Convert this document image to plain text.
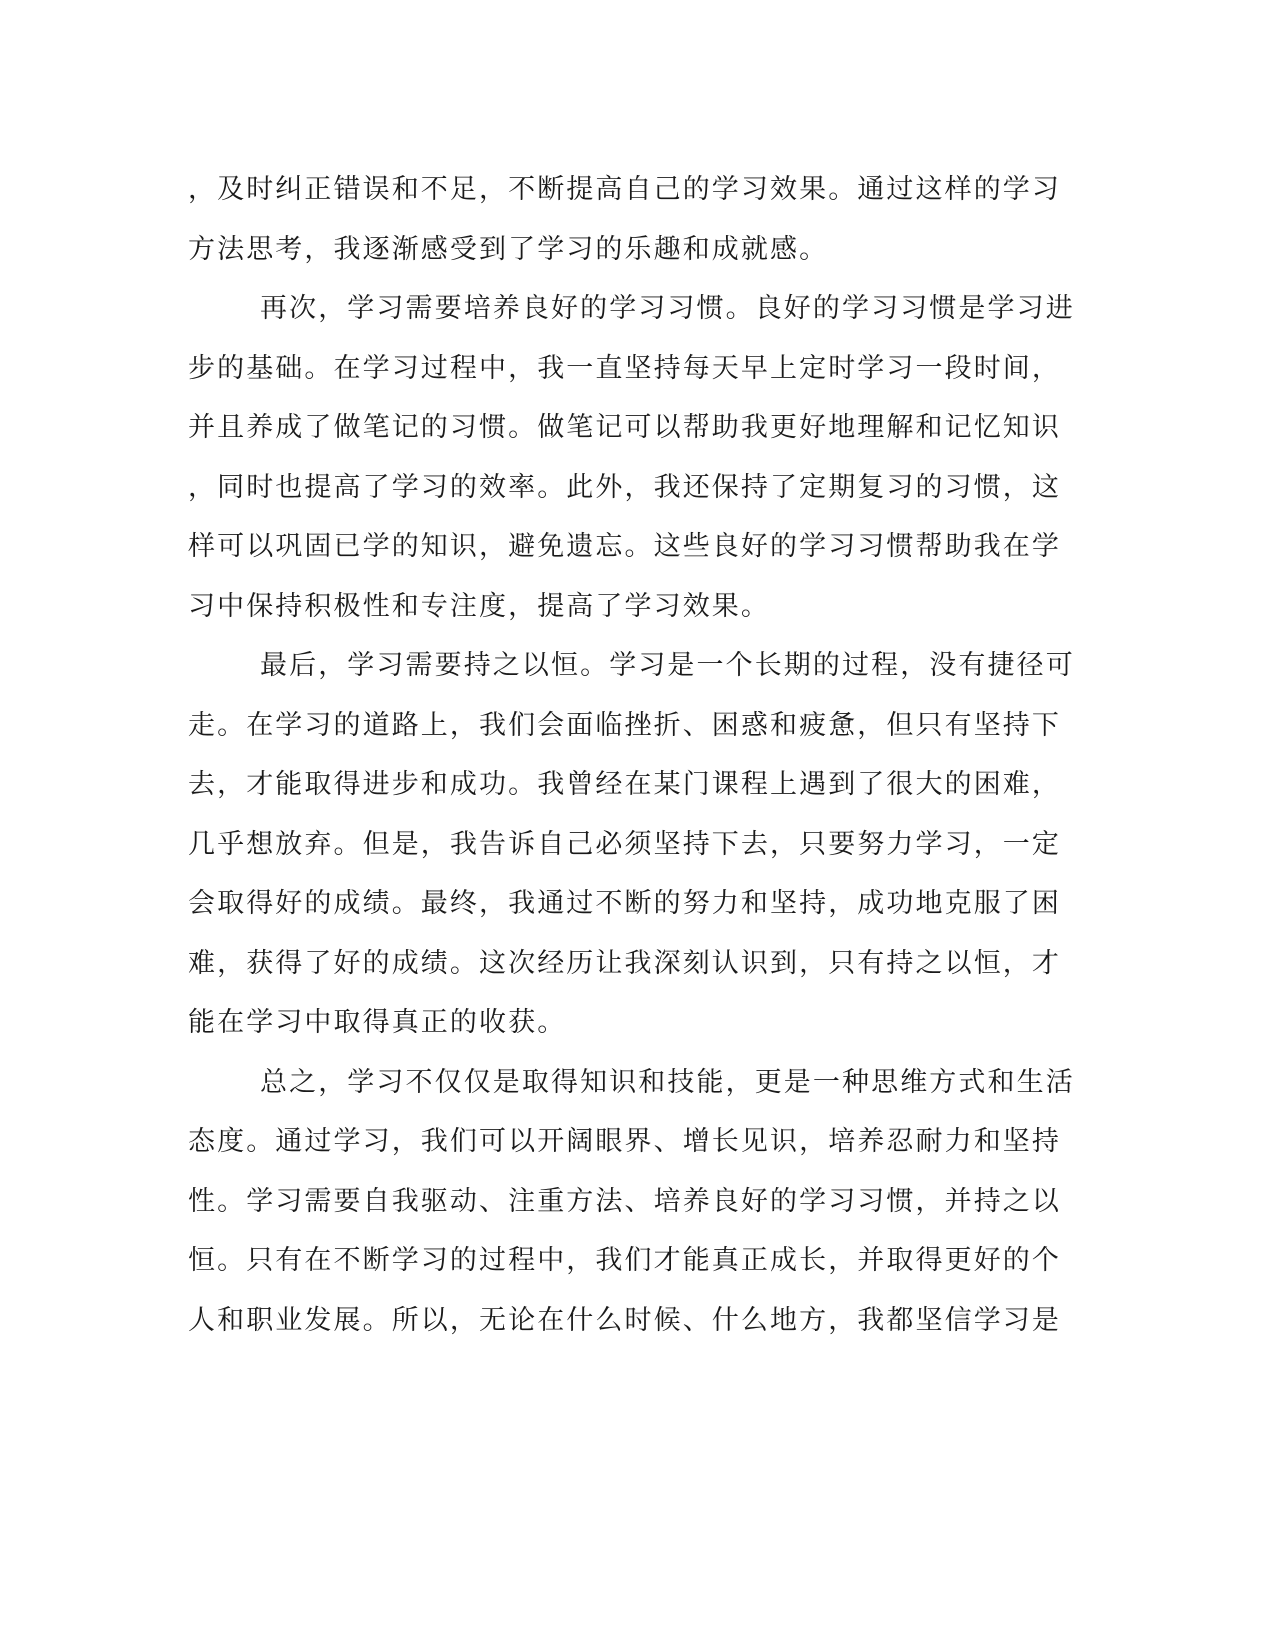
，及时纠正错误和不足，不断提高自己的学习效果。通过这样的学习
方法思考，我逐渐感受到了学习的乐趣和成就感。
再次，学习需要培养良好的学习习惯。良好的学习习惯是学习进
步的基础。在学习过程中，我一直坚持每天早上定时学习一段时间，
并且养成了做笔记的习惯。做笔记可以帮助我更好地理解和记忆知识
，同时也提高了学习的效率。此外，我还保持了定期复习的习惯，这
样可以巩固已学的知识，避免遗忘。这些良好的学习习惯帮助我在学
习中保持积极性和专注度，提高了学习效果。
最后，学习需要持之以恒。学习是一个长期的过程，没有捷径可
走。在学习的道路上，我们会面临挫折、困惑和疲惫，但只有坚持下
去，才能取得进步和成功。我曾经在某门课程上遇到了很大的困难，
几乎想放弃。但是，我告诉自己必须坚持下去，只要努力学习，一定
会取得好的成绩。最终，我通过不断的努力和坚持，成功地克服了困
难，获得了好的成绩。这次经历让我深刻认识到，只有持之以恒，才
能在学习中取得真正的收获。
总之，学习不仅仅是取得知识和技能，更是一种思维方式和生活
态度。通过学习，我们可以开阔眼界、增长见识，培养忍耐力和坚持
性。学习需要自我驱动、注重方法、培养良好的学习习惯，并持之以
恒。只有在不断学习的过程中，我们才能真正成长，并取得更好的个
人和职业发展。所以，无论在什么时候、什么地方，我都坚信学习是
